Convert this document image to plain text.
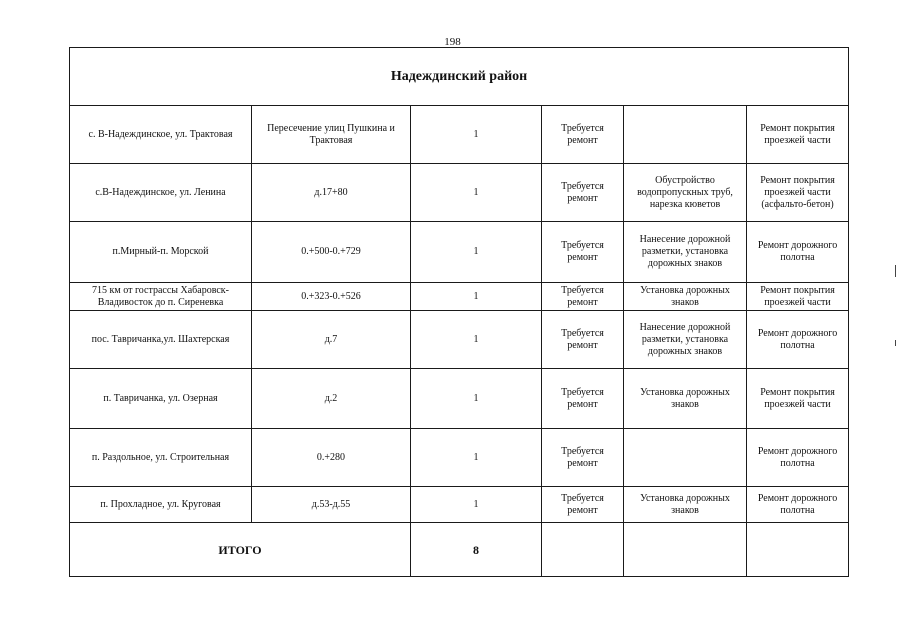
198
Надеждинский район					
с. В-Надеждинское, ул. Трактовая	Пересечение улиц Пушкина и Трактовая	1	Требуется ремонт		Ремонт покрытия проезжей части
с.В-Надеждинское, ул. Ленина	д.17+80	1	Требуется ремонт	Обустройство водопропускных труб, нарезка кюветов	Ремонт покрытия проезжей части (асфальто-бетон)
п.Мирный-п. Морской	0.+500-0.+729	1	Требуется ремонт	Нанесение дорожной разметки, установка дорожных знаков	Ремонт дорожного полотна
715 км от гострассы Хабаровск-Владивосток до п. Сиреневка	0.+323-0.+526	1	Требуется ремонт	Установка дорожных знаков	Ремонт покрытия проезжей части
пос. Тавричанка,ул. Шахтерская	д.7	1	Требуется ремонт	Нанесение дорожной разметки, установка дорожных знаков	Ремонт дорожного полотна
п. Тавричанка, ул. Озерная	д.2	1	Требуется ремонт	Установка дорожных знаков	Ремонт покрытия проезжей части
п. Раздольное, ул. Строительная	0.+280	1	Требуется ремонт		Ремонт дорожного полотна
п. Прохладное, ул. Круговая	д.53-д.55	1	Требуется ремонт	Установка дорожных знаков	Ремонт дорожного полотна
ИТОГО		8			
